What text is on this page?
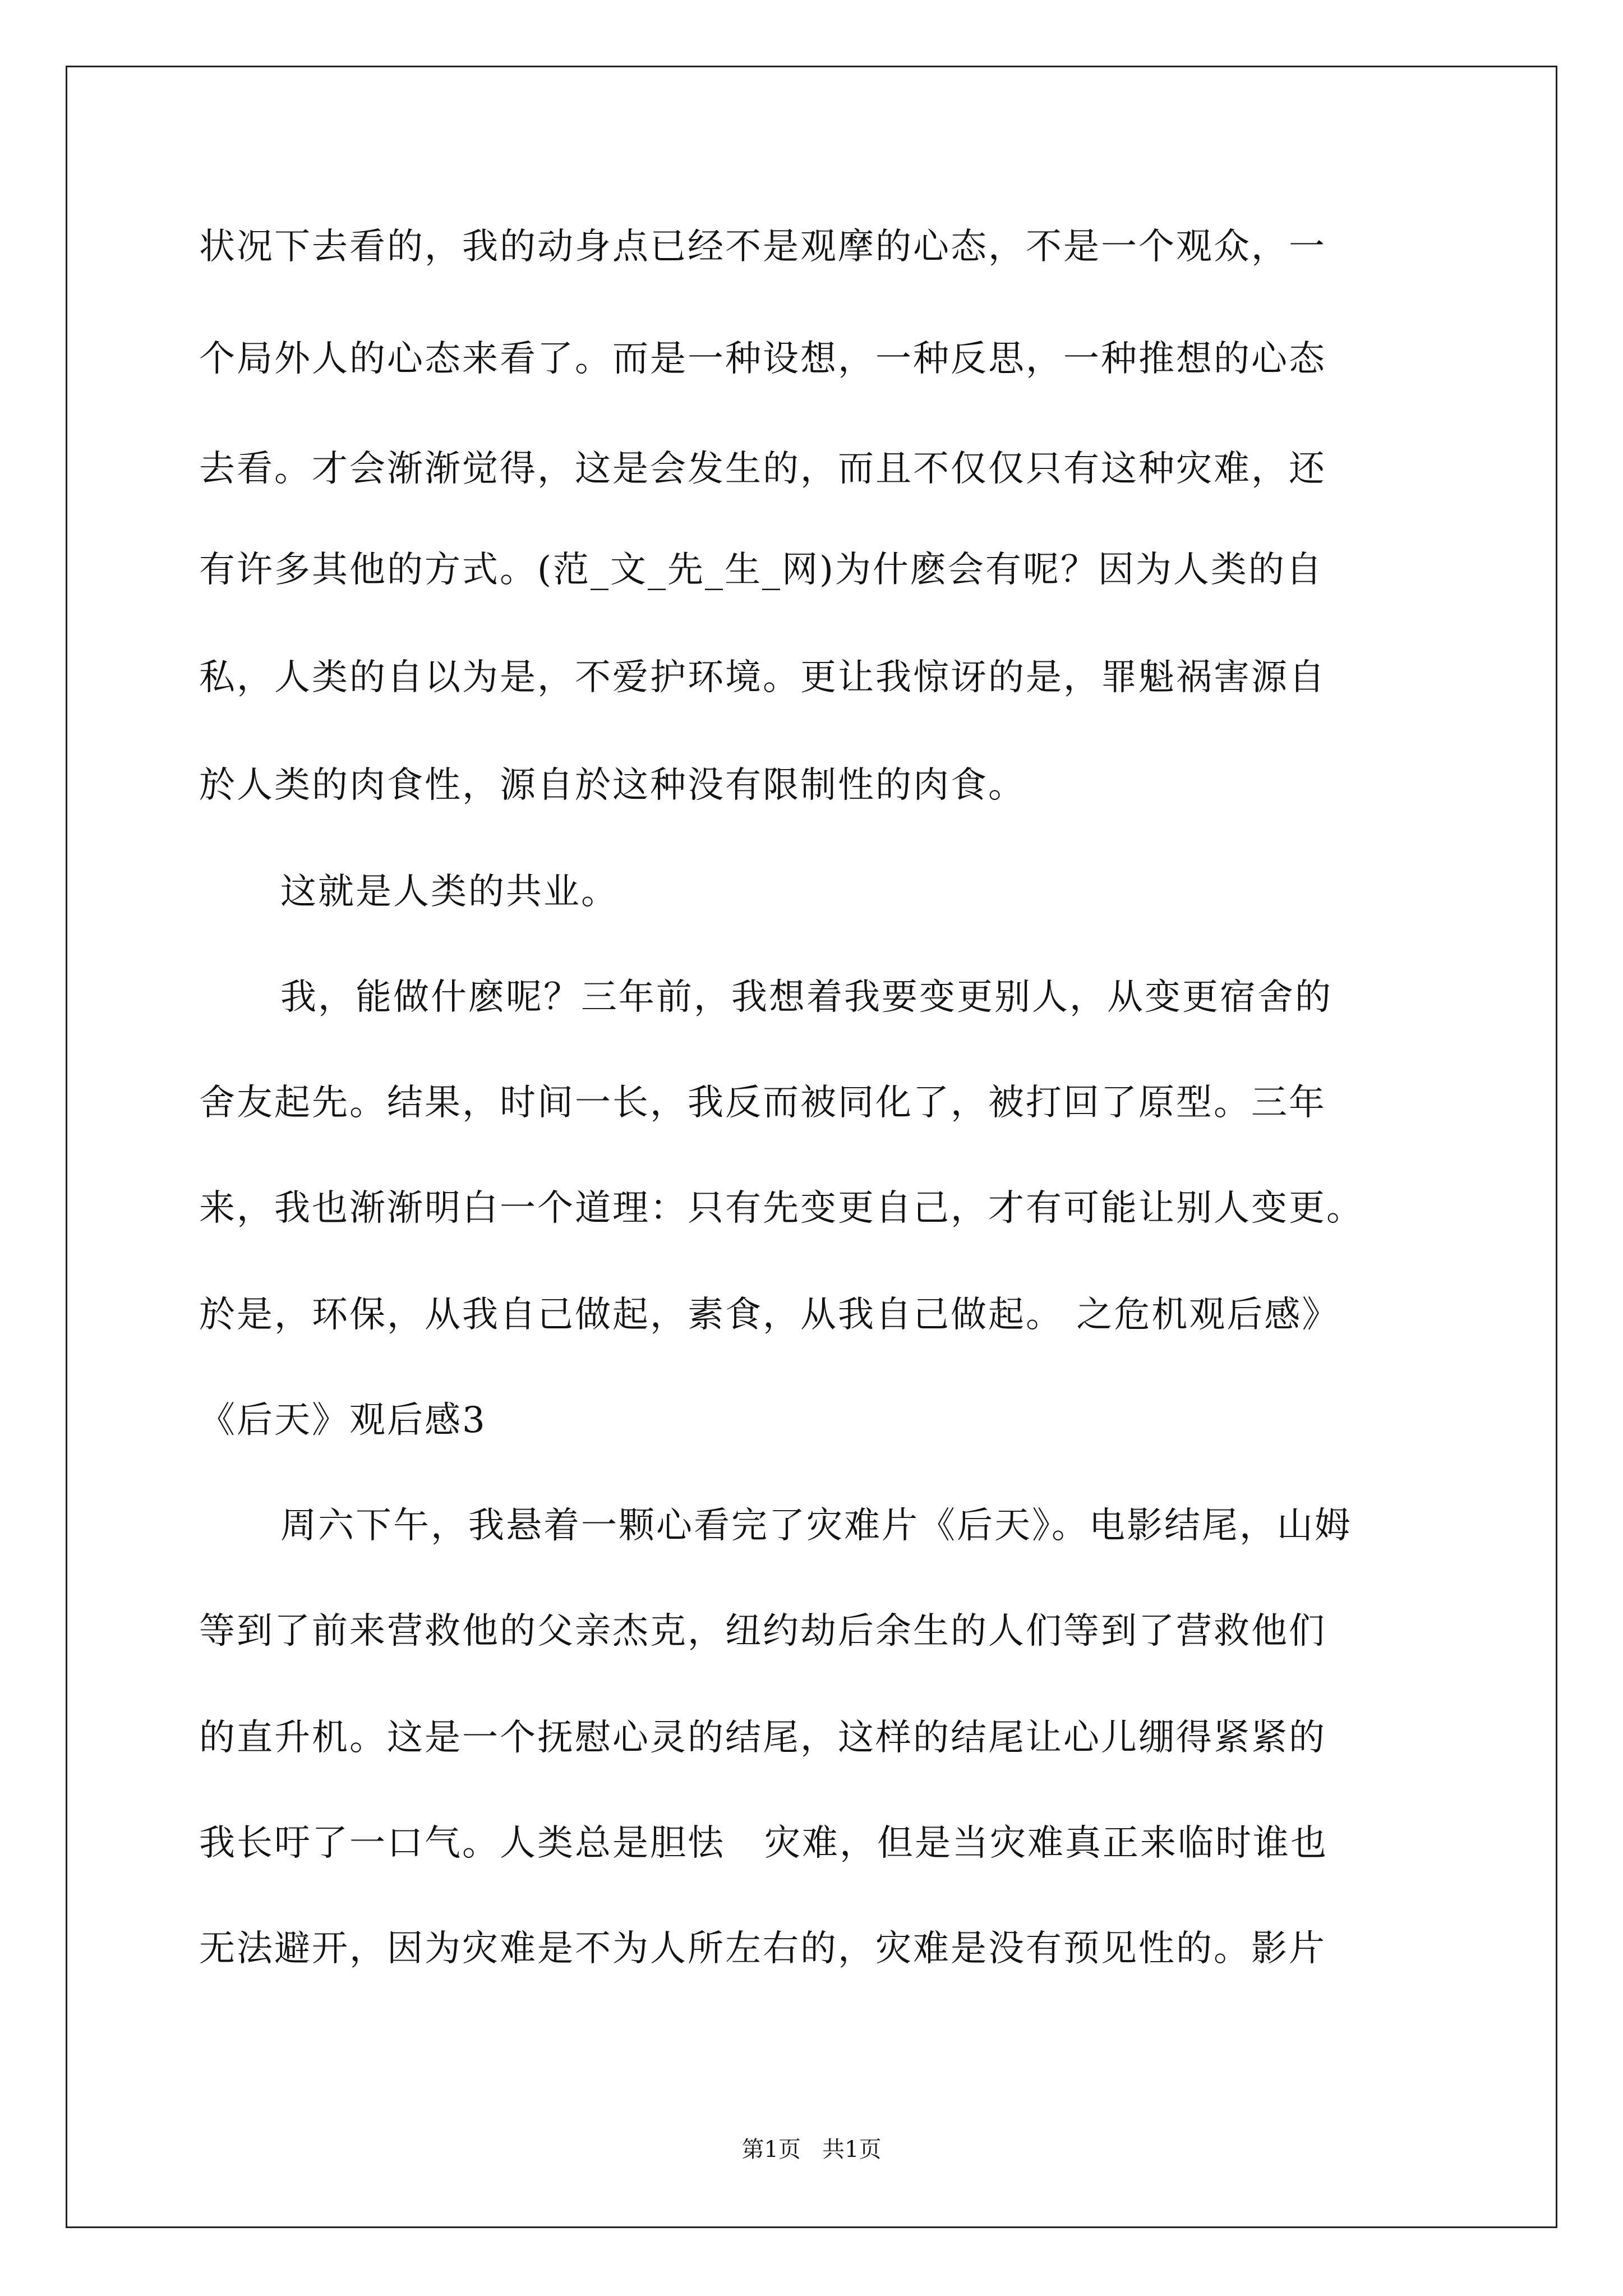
状况下去看的，我的动身点已经不是观摩的心态，不是一个观众，一
个局外人的心态来看了。而是一种设想，一种反思，一种推想的心态
去看。才会渐渐觉得，这是会发生的，而且不仅仅只有这种灾难，还
有许多其他的方式。(范_文_先_生_网)为什麽会有呢？因为人类的自
私，人类的自以为是，不爱护环境。更让我惊讶的是，罪魁祸害源自
於人类的肉食性，源自於这种没有限制性的肉食。
这就是人类的共业。
我，能做什麽呢？三年前，我想着我要变更别人，从变更宿舍的
舍友起先。结果，时间一长，我反而被同化了，被打回了原型。三年
来，我也渐渐明白一个道理：只有先变更自己，才有可能让别人变更。
於是，环保，从我自己做起，素食，从我自己做起。 之危机观后感》
《后天》观后感3
周六下午，我悬着一颗心看完了灾难片《后天》。电影结尾，山姆
等到了前来营救他的父亲杰克，纽约劫后余生的人们等到了营救他们
的直升机。这是一个抚慰心灵的结尾，这样的结尾让心儿绷得紧紧的
我长吁了一口气。人类总是胆怯   灾难，但是当灾难真正来临时谁也
无法避开，因为灾难是不为人所左右的，灾难是没有预见性的。影片
第1页   共1页
